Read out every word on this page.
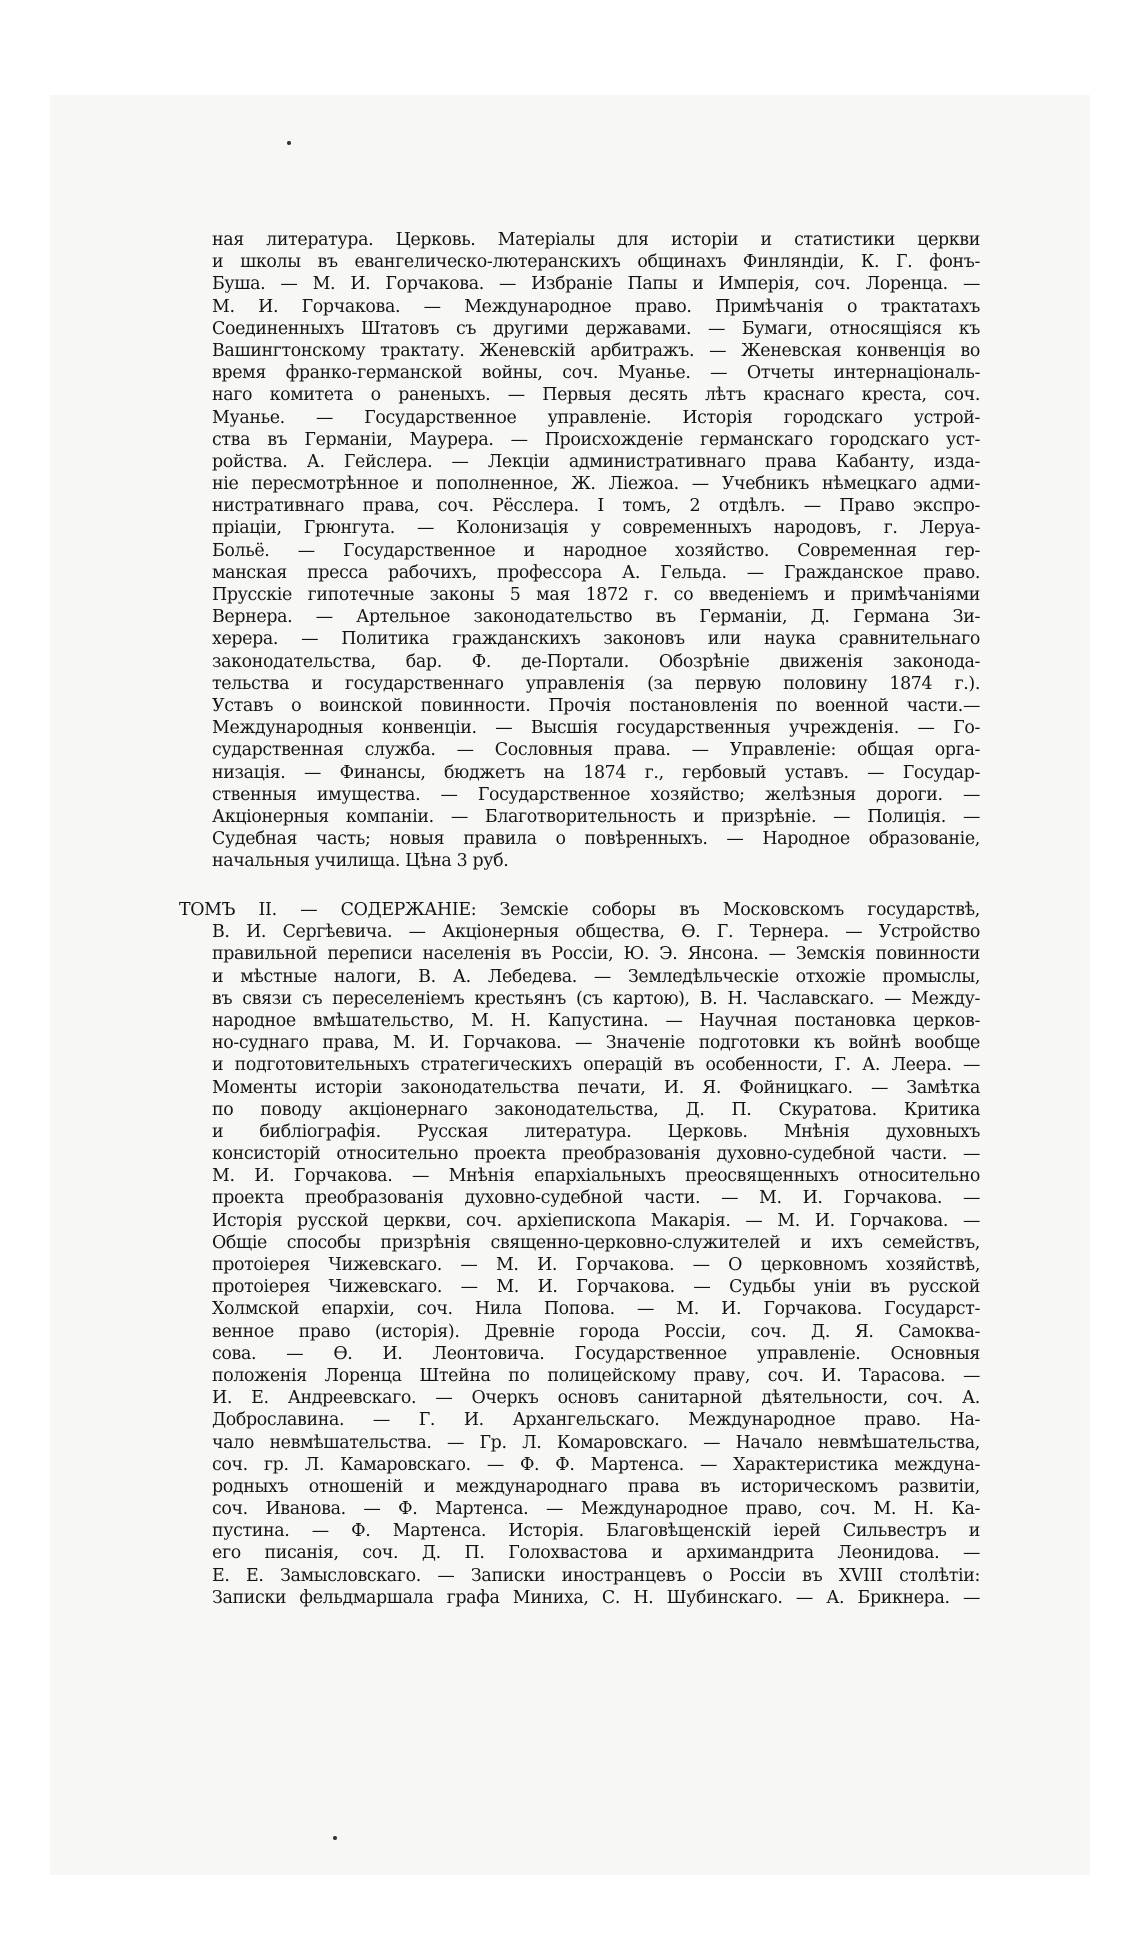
ная литература. Церковь. Матеріалы для исторіи и статистики церкви
и школы въ евангелическо-лютеранскихъ общинахъ Финляндіи, К. Г. фонъ-
Буша. — М. И. Горчакова. — Избраніе Папы и Имперія, соч. Лоренца. —
М. И. Горчакова. — Международное право. Примѣчанія о трактатахъ
Соединенныхъ Штатовъ съ другими державами. — Бумаги, относящіяся къ
Вашингтонскому трактату. Женевскій арбитражъ. — Женевская конвенція во
время франко-германской войны, соч. Муанье. — Отчеты интернаціональ-
наго комитета о раненыхъ. — Первыя десять лѣтъ краснаго креста, соч.
Муанье. — Государственное управленіе. Исторія городскаго устрой-
ства въ Германіи, Маурера. — Происхожденіе германскаго городскаго уст-
ройства. А. Гейслера. — Лекціи административнаго права Кабанту, изда-
ніе пересмотрѣнное и пополненное, Ж. Ліежоа. — Учебникъ нѣмецкаго адми-
нистративнаго права, соч. Рёсслера. I томъ, 2 отдѣлъ. — Право экспро-
пріаціи, Грюнгута. — Колонизація у современныхъ народовъ, г. Леруа-
Больё. — Государственное и народное хозяйство. Современная гер-
манская пресса рабочихъ, профессора А. Гельда. — Гражданское право.
Прусскіе гипотечные законы 5 мая 1872 г. со введеніемъ и примѣчаніями
Вернера. — Артельное законодательство въ Германіи, Д. Германа Зи-
херера. — Политика гражданскихъ законовъ или наука сравнительнаго
законодательства, бар. Ф. де-Портали. Обозрѣніе движенія законода-
тельства и государственнаго управленія (за первую половину 1874 г.).
Уставъ о воинской повинности. Прочія постановленія по военной части.—
Международныя конвенціи. — Высшія государственныя учрежденія. — Го-
сударственная служба. — Сословныя права. — Управленіе: общая орга-
низація. — Финансы, бюджетъ на 1874 г., гербовый уставъ. — Государ-
ственныя имущества. — Государственное хозяйство; желѣзныя дороги. —
Акціонерныя компаніи. — Благотворительность и призрѣніе. — Полиція. —
Судебная часть; новыя правила о повѣренныхъ. — Народное образованіе,
начальныя училища. Цѣна 3 руб.
ТОМЪ II. — СОДЕРЖАНІЕ: Земскіе соборы въ Московскомъ государствѣ,
В. И. Сергѣевича. — Акціонерныя общества, Ѳ. Г. Тернера. — Устройство
правильной переписи населенія въ Россіи, Ю. Э. Янсона. — Земскія повинности
и мѣстные налоги, В. А. Лебедева. — Земледѣльческіе отхожіе промыслы,
въ связи съ переселеніемъ крестьянъ (съ картою), В. Н. Чаславскаго. — Между-
народное вмѣшательство, М. Н. Капустина. — Научная постановка церков-
но-суднаго права, М. И. Горчакова. — Значеніе подготовки къ войнѣ вообще
и подготовительныхъ стратегическихъ операцій въ особенности, Г. А. Леера. —
Моменты исторіи законодательства печати, И. Я. Фойницкаго. — Замѣтка
по поводу акціонернаго законодательства, Д. П. Скуратова. Критика
и библіографія. Русская литература. Церковь. Мнѣнія духовныхъ
консисторій относительно проекта преобразованія духовно-судебной части. —
М. И. Горчакова. — Мнѣнія епархіальныхъ преосвященныхъ относительно
проекта преобразованія духовно-судебной части. — М. И. Горчакова. —
Исторія русской церкви, соч. архіепископа Макарія. — М. И. Горчакова. —
Общіе способы призрѣнія священно-церковно-служителей и ихъ семействъ,
протоіерея Чижевскаго. — М. И. Горчакова. — О церковномъ хозяйствѣ,
протоіерея Чижевскаго. — М. И. Горчакова. — Судьбы уніи въ русской
Холмской епархіи, соч. Нила Попова. — М. И. Горчакова. Государст-
венное право (исторія). Древніе города Россіи, соч. Д. Я. Самоква-
сова. — Ѳ. И. Леонтовича. Государственное управленіе. Основныя
положенія Лоренца Штейна по полицейскому праву, соч. И. Тарасова. —
И. Е. Андреевскаго. — Очеркъ основъ санитарной дѣятельности, соч. А.
Доброславина. — Г. И. Архангельскаго. Международное право. На-
чало невмѣшательства. — Гр. Л. Комаровскаго. — Начало невмѣшательства,
соч. гр. Л. Камаровскаго. — Ф. Ф. Мартенса. — Характеристика междуна-
родныхъ отношеній и международнаго права въ историческомъ развитіи,
соч. Иванова. — Ф. Мартенса. — Международное право, соч. М. Н. Ка-
пустина. — Ф. Мартенса. Исторія. Благовѣщенскій іерей Сильвестръ и
его писанія, соч. Д. П. Голохвастова и архимандрита Леонидова. —
Е. Е. Замысловскаго. — Записки иностранцевъ о Россіи въ XVIII столѣтіи:
Записки фельдмаршала графа Миниха, С. Н. Шубинскаго. — А. Брикнера. —
